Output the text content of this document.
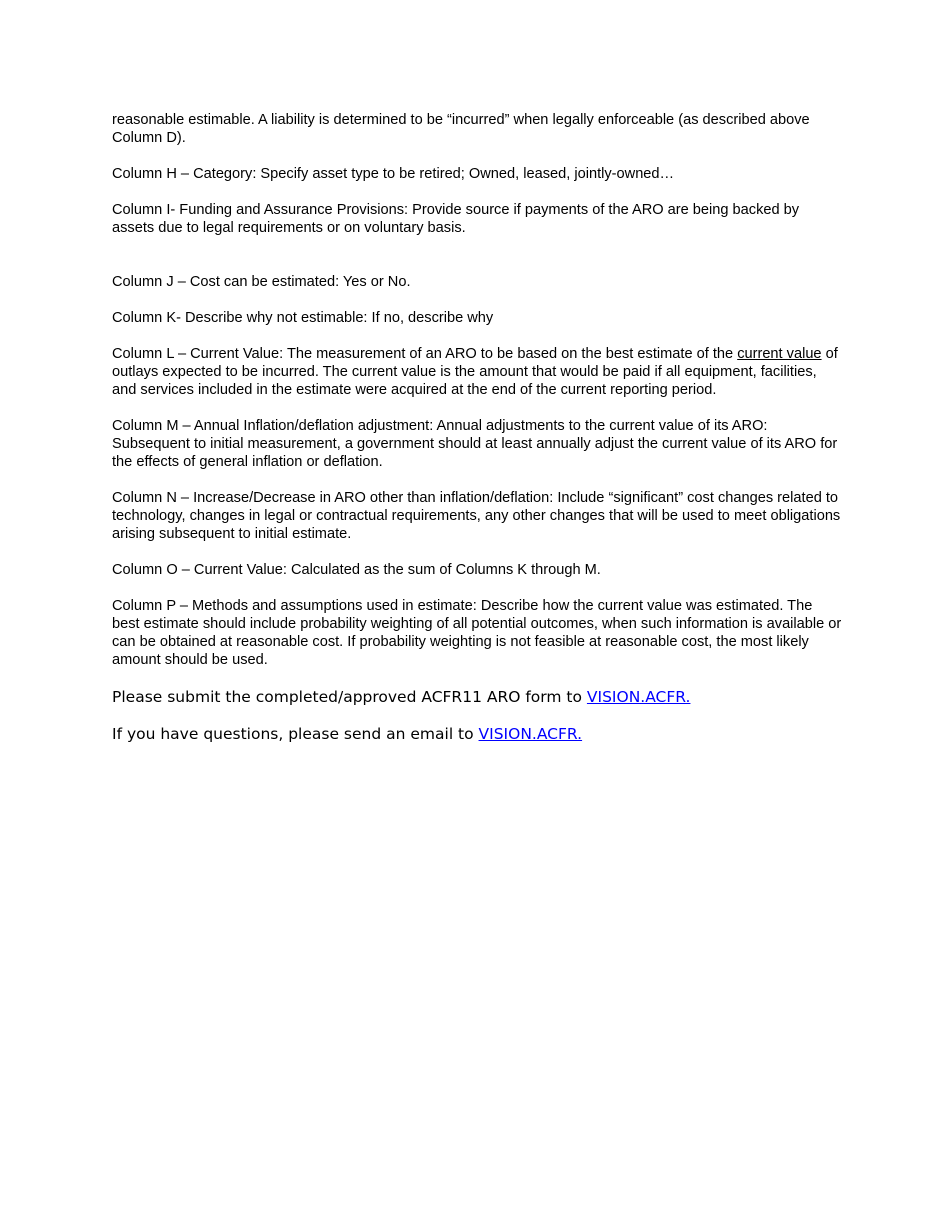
reasonable estimable. A liability is determined to be “incurred” when legally enforceable (as described above Column D).

Column H – Category: Specify asset type to be retired; Owned, leased, jointly-owned…

Column I- Funding and Assurance Provisions: Provide source if payments of the ARO are being backed by assets due to legal requirements or on voluntary basis.

Column J – Cost can be estimated: Yes or No.

Column K- Describe why not estimable: If no, describe why

Column L – Current Value: The measurement of an ARO to be based on the best estimate of the current value of outlays expected to be incurred. The current value is the amount that would be paid if all equipment, facilities, and services included in the estimate were acquired at the end of the current reporting period.

Column M – Annual Inflation/deflation adjustment: Annual adjustments to the current value of its ARO: Subsequent to initial measurement, a government should at least annually adjust the current value of its ARO for the effects of general inflation or deflation.

Column N – Increase/Decrease in ARO other than inflation/deflation: Include “significant” cost changes related to technology, changes in legal or contractual requirements, any other changes that will be used to meet obligations arising subsequent to initial estimate.

Column O – Current Value: Calculated as the sum of Columns K through M.

Column P – Methods and assumptions used in estimate: Describe how the current value was estimated. The best estimate should include probability weighting of all potential outcomes, when such information is available or can be obtained at reasonable cost. If probability weighting is not feasible at reasonable cost, the most likely amount should be used.

Please submit the completed/approved ACFR11 ARO form to VISION.ACFR.

If you have questions, please send an email to VISION.ACFR.
